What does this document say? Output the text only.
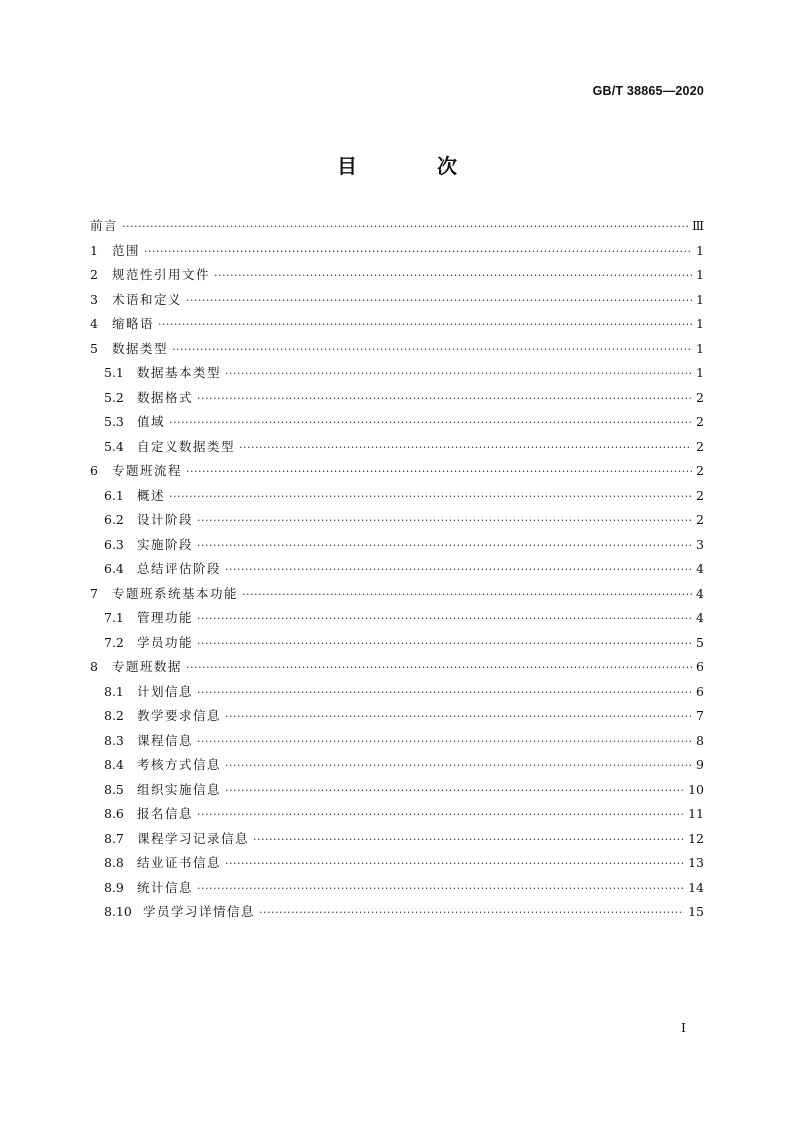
GB/T 38865—2020
目　次
前言 ·····	Ⅲ
1	范围 ·····	1
2	规范性引用文件 ·····	1
3	术语和定义 ·····	1
4	缩略语 ·····	1
5	数据类型 ·····	1
5.1	数据基本类型 ·····	1
5.2	数据格式 ·····	2
5.3	值域 ·····	2
5.4	自定义数据类型 ·····	2
6	专题班流程 ·····	2
6.1	概述 ·····	2
6.2	设计阶段 ·····	2
6.3	实施阶段 ·····	3
6.4	总结评估阶段 ·····	4
7	专题班系统基本功能 ·····	4
7.1	管理功能 ·····	4
7.2	学员功能 ·····	5
8	专题班数据 ·····	6
8.1	计划信息 ·····	6
8.2	教学要求信息 ·····	7
8.3	课程信息 ·····	8
8.4	考核方式信息 ·····	9
8.5	组织实施信息 ·····	10
8.6	报名信息 ·····	11
8.7	课程学习记录信息 ·····	12
8.8	结业证书信息 ·····	13
8.9	统计信息 ·····	14
8.10 学员学习详情信息 ·····	15
I
